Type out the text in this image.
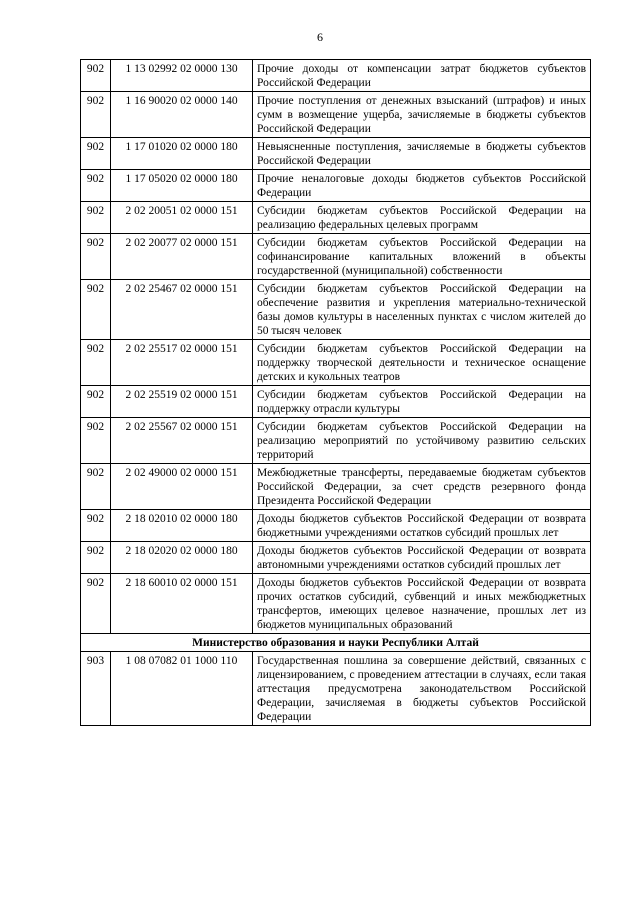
6
902	1 13 02992 02 0000 130	Прочие доходы от компенсации затрат бюджетов субъектов Российской Федерации
902	1 16 90020 02 0000 140	Прочие поступления от денежных взысканий (штрафов) и иных сумм в возмещение ущерба, зачисляемые в бюджеты субъектов Российской Федерации
902	1 17 01020 02 0000 180	Невыясненные поступления, зачисляемые в бюджеты субъектов Российской Федерации
902	1 17 05020 02 0000 180	Прочие неналоговые доходы бюджетов субъектов Российской Федерации
902	2 02 20051 02 0000 151	Субсидии бюджетам субъектов Российской Федерации на реализацию федеральных целевых программ
902	2 02 20077 02 0000 151	Субсидии бюджетам субъектов Российской Федерации на софинансирование капитальных вложений в объекты государственной (муниципальной) собственности
902	2 02 25467 02 0000 151	Субсидии бюджетам субъектов Российской Федерации на обеспечение развития и укрепления материально-технической базы домов культуры в населенных пунктах с числом жителей до 50 тысяч человек
902	2 02 25517 02 0000 151	Субсидии бюджетам субъектов Российской Федерации на поддержку творческой деятельности и техническое оснащение детских и кукольных театров
902	2 02 25519 02 0000 151	Субсидии бюджетам субъектов Российской Федерации на поддержку отрасли культуры
902	2 02 25567 02 0000 151	Субсидии бюджетам субъектов Российской Федерации на реализацию мероприятий по устойчивому развитию сельских территорий
902	2 02 49000 02 0000 151	Межбюджетные трансферты, передаваемые бюджетам субъектов Российской Федерации, за счет средств резервного фонда Президента Российской Федерации
902	2 18 02010 02 0000 180	Доходы бюджетов субъектов Российской Федерации от возврата бюджетными учреждениями остатков субсидий прошлых лет
902	2 18 02020 02 0000 180	Доходы бюджетов субъектов Российской Федерации от возврата автономными учреждениями остатков субсидий прошлых лет
902	2 18 60010 02 0000 151	Доходы бюджетов субъектов Российской Федерации от возврата прочих остатков субсидий, субвенций и иных межбюджетных трансфертов, имеющих целевое назначение, прошлых лет из бюджетов муниципальных образований
Министерство образования и науки Республики Алтай		
903	1 08 07082 01 1000 110	Государственная пошлина за совершение действий, связанных с лицензированием, с проведением аттестации в случаях, если такая аттестация предусмотрена законодательством Российской Федерации, зачисляемая в бюджеты субъектов Российской Федерации
